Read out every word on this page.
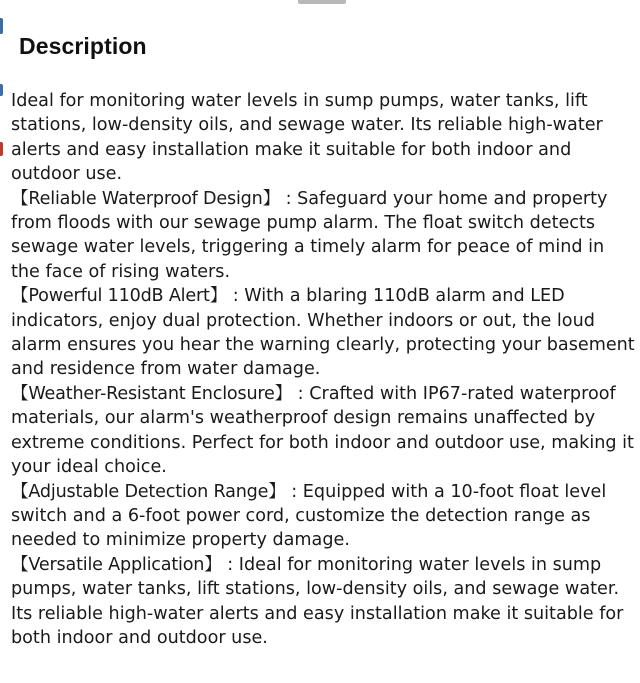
Description

Ideal for monitoring water levels in sump pumps, water tanks, lift stations, low-density oils, and sewage water. Its reliable high-water alerts and easy installation make it suitable for both indoor and outdoor use.

【Reliable Waterproof Design】 : Safeguard your home and property from floods with our sewage pump alarm. The float switch detects sewage water levels, triggering a timely alarm for peace of mind in the face of rising waters.

【Powerful 110dB Alert】 : With a blaring 110dB alarm and LED indicators, enjoy dual protection. Whether indoors or out, the loud alarm ensures you hear the warning clearly, protecting your basement and residence from water damage.

【Weather-Resistant Enclosure】 : Crafted with IP67-rated waterproof materials, our alarm's weatherproof design remains unaffected by extreme conditions. Perfect for both indoor and outdoor use, making it your ideal choice.

【Adjustable Detection Range】 : Equipped with a 10-foot float level switch and a 6-foot power cord, customize the detection range as needed to minimize property damage.

【Versatile Application】 : Ideal for monitoring water levels in sump pumps, water tanks, lift stations, low-density oils, and sewage water. Its reliable high-water alerts and easy installation make it suitable for both indoor and outdoor use.
